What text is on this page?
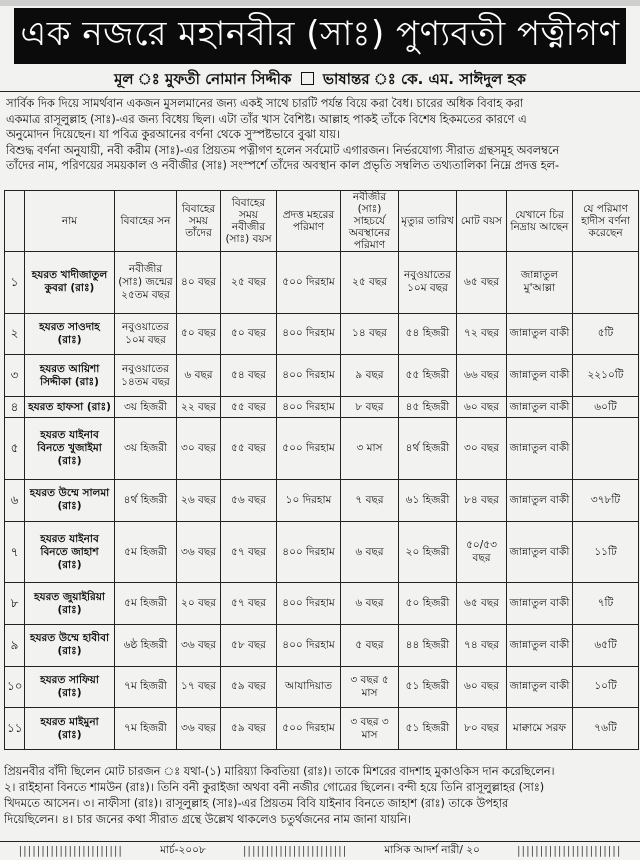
এক নজরে মহানবীর (সাঃ) পুণ্যবতী পত্নীগণ
মূল ঃ মুফতী নোমান সিদ্দীক ভাষান্তর ঃ কে. এম. সাঈদুল হক
সার্বিক দিক দিয়ে সামর্থবান একজন মুসলমানের জন্য একই সাথে চারটি পর্যন্ত বিয়ে করা বৈধ। চারের অধিক বিবাহ করা
একমাত্র রাসূলুল্লাহ (সাঃ)-এর জন্য বিধেয় ছিল। এটা তাঁর খাস বৈশিষ্ট। আল্লাহ পাকই তাঁকে বিশেষ হিকমতের কারণে এ
অনুমোদন দিয়েছেন। যা পবিত্র কুরআনের বর্ণনা থেকে সুস্পষ্টভাবে বুঝা যায়।
বিশুদ্ধ বর্ণনা অনুযায়ী, নবী করীম (সাঃ)-এর প্রিয়তম পত্নীগণ হলেন সর্বমোট এগারজন। নির্ভরযোগ্য সীরাত গ্রন্থসমূহ অবলম্বনে
তাঁদের নাম, পরিণয়ের সময়কাল ও নবীজীর (সাঃ) সংস্পর্শে তাঁদের অবস্থান কাল প্রভৃতি সম্বলিত তথ্যতালিকা নিম্নে প্রদত্ত হল-
	নাম	বিবাহের সন	বিবাহের সময় তাঁদের	বিবাহের সময় নবীজীর (সাঃ) বয়স	প্রদত্ত মহরের পরিমাণ	নবীজীর (সাঃ) সাহচর্যে অবস্থানের পরিমাণ	মৃত্যুর তারিখ	মোট বয়স	যেখানে চির নিদ্রায় আছেন	যে পরিমাণ হাদীস বর্ণনা করেছেন
১	হযরত খাদীজাতুল কুবরা (রাঃ)	নবীজীর (সাঃ) জন্মের ২৫তম বছর	৪০ বছর	২৫ বছর	৫০০ দিরহাম	২৫ বছর	নবুওয়াতের ১০ম বছর	৬৫ বছর	জান্নাতুল মু'আল্লা	
২	হযরত সাওদাহ (রাঃ)	নবুওয়াতের ১০ম বছর	৫০ বছর	৫০ বছর	৪০০ দিরহাম	১৪ বছর	৫৪ হিজরী	৭২ বছর	জান্নাতুল বাকী	৫টি
৩	হযরত আয়িশা সিদ্দীকা (রাঃ)	নবুওয়াতের ১৪তম বছর	৬ বছর	৫৪ বছর	৪০০ দিরহাম	৯ বছর	৫৫ হিজরী	৬৬ বছর	জান্নাতুল বাকী	২২১০টি
৪	হযরত হাফসা (রাঃ)	৩য় হিজরী	২২ বছর	৫৫ বছর	৪০০ দিরহাম	৮ বছর	৪৫ হিজরী	৬০ বছর	জান্নাতুল বাকী	৬০টি
৫	হযরত যাইনাব বিনতে খুজাইমা (রাঃ)	৩য় হিজরী	৩০ বছর	৫৫ বছর	৫০০ দিরহাম	৩ মাস	৪র্থ হিজরী	৩০ বছর	জান্নাতুল বাকী	
৬	হযরত উম্মে সালমা (রাঃ)	৪র্থ হিজরী	২৬ বছর	৫৬ বছর	১০ দিরহাম	৭ বছর	৬১ হিজরী	৮৪ বছর	জান্নাতুল বাকী	৩৭৮টি
৭	হযরত যাইনাব বিনতে জাহাশ (রাঃ)	৫ম হিজরী	৩৬ বছর	৫৭ বছর	৪০০ দিরহাম	৬ বছর	২০ হিজরী	৫০/৫৩ বছর	জান্নাতুল বাকী	১১টি
৮	হযরত জুয়াইরিয়া (রাঃ)	৫ম হিজরী	২০ বছর	৫৭ বছর	৪০০ দিরহাম	৬ বছর	৫০ হিজরী	৬৫ বছর	জান্নাতুল বাকী	৭টি
৯	হযরত উম্মে হাবীবা (রাঃ)	৬ষ্ঠ হিজরী	৩৬ বছর	৫৮ বছর	৪০০ দিরহাম	৫ বছর	৪৪ হিজরী	৭৪ বছর	জান্নাতুল বাকী	৬৫টি
১০	হযরত সাফিয়া (রাঃ)	৭ম হিজরী	১৭ বছর	৫৯ বছর	আযাদিয়াত	৩ বছর ৫ মাস	৫১ হিজরী	৬০ বছর	জান্নাতুল বাকী	১০টি
১১	হযরত মাইমুনা (রাঃ)	৭ম হিজরী	৩৬ বছর	৫৯ বছর	৫০০ দিরহাম	৩ বছর ৩ মাস	৫১ হিজরী	৮০ বছর	মাক্বামে সরফ	৭৬টি
প্রিয়নবীর বাঁদী ছিলেন মোট চারজন ঃ যথা-(১) মারিয়্যা কিবতিয়া (রাঃ)। তাকে মিশরের বাদশাহ মুকাওকিস দান করেছিলেন।
২। রাইহানা বিনতে শামউন (রাঃ)। তিনি বনী কুরাইজা অথবা বনী নজীর গোত্রের ছিলেন। বন্দী হয়ে তিনি রাসূলুল্লাহর (সাঃ)
খিদমতে আসেন। ৩। নাফীসা (রাঃ)। রাসূলুল্লাহ (সাঃ)-এর প্রিয়তম বিবি যাইনাব বিনতে জাহাশ (রাঃ) তাকে উপহার
দিয়েছিলেন। ৪। চার জনের কথা সীরাত গ্রন্থে উল্লেখ থাকলেও চতুর্থজনের নাম জানা যায়নি।
|||||||||||||||||||||||	মার্চ-২০০৮	|||||||||||||||||||||||	মাসিক আদর্শ নারী/ ২০	|||||||||||||||||||||||
